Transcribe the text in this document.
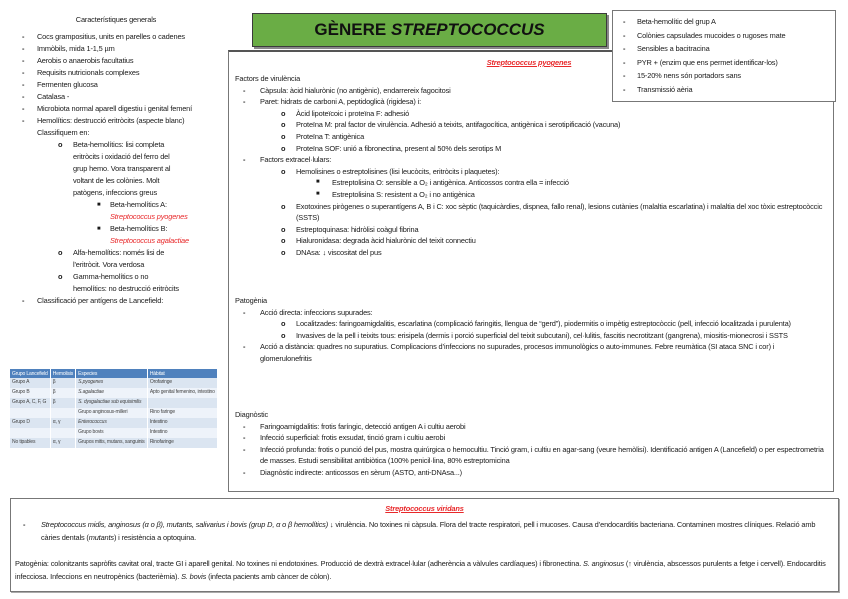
Característiques generals
- Cocs grampositius, units en parelles o cadenes
- Immòbils, mida 1-1,5 µm
- Aerobis o anaerobis facultatius
- Requisits nutricionals complexes
- Fermenten glucosa
- Catalasa -
- Microbiota normal aparell digestiu i genital femení
- Hemolítics: destrucció eritròcits (aspecte blanc) Classifiquem en:
o Beta-hemolítics: lisi completa eritròcits i oxidació del ferro del grup hemo. Vora transparent al voltant de les colònies. Molt patògens, infeccions greus
■ Beta-hemolítics A:
Streptococcus pyogenes
■ Beta-hemolítics B:
Streptococcus agalactiae
o Alfa-hemolítics: només lisi de l'eritròcit. Vora verdosa
o Gamma-hemolítics o no hemolítics: no destrucció eritròcits
- Classificació per antígens de Lancefield:
Grupo Lancefield	Hemolisis	Especies	Hàbitat
Grupo A	β	S.pyogenes	Orofaringe
Grupo B	β	S.agalactiae	Apto genital femenino, intestino
Grupo A, C, F, G	β	S. dysgalactiae sub equisimilis	
		Grupo anginosus-milleri	Rino faringe
Grupo D	α, γ	Enterococcus	Intestino
		Grupo bovis	Intestino
No tipables	α, γ	Grupos mitis, mutans, sanguinis	Rinofaringe
GÈNERE STREPTOCOCCUS
Streptococcus pyogenes
Factors de virulència
- Càpsula: àcid hialurònic (no antigènic), endarrereix fagocitosi
- Paret: hidrats de carboni A, peptidoglicà (rigidesa) i:
o Àcid lipoteïcoic i proteïna F: adhesió
o Proteïna M: pral factor de virulència. Adhesió a teixits, antifagocítica, antigènica i serotipificació (vacuna)
o Proteïna T: antigènica
o Proteïna SOF: unió a fibronectina, present al 50% dels serotips M
- Factors extracel·lulars:
o Hemolisines o estreptolisines (lisi leucòcits, eritròcits i plaquetes):
■ Estreptolisina O: sensible a O₂ i antigènica. Anticossos contra ella = infecció
■ Estreptolisina S: resistent a O₂ i no antigènica
o Exotoxines pirògenes o superantígens A, B i C: xoc sèptic (taquicàrdies, dispnea, fallo renal), lesions cutànies (malaltia escarlatina) i malaltia del xoc tòxic estreptocòccic (SSTS)
o Estreptoquinasa: hidròlisi coàgul fibrina
o Hialuronidasa: degrada àcid hialurònic del teixit connectiu
o DNAsa: ↓ viscositat del pus
Patogènia
- Acció directa: infeccions supurades:
o Localitzades: faringoamigdalitis, escarlatina (complicació faringitis, llengua de “gerd”), piodermitis o impètig estreptocòccic (pell, infecció localitzada i purulenta)
o Invasives de la pell i teixits tous: erisipela (dermis i porció superficial del teixit subcutani), cel·lulitis, fascitis necrotitzant (gangrena), miositis-mionecrosi i SSTS
- Acció a distància: quadres no supuratius. Complicacions d’infeccions no supurades, procesos immunològics o auto-immunes. Febre reumàtica (SI ataca SNC i cor) i glomerulonefritis
Diagnòstic
- Faringoamigdalitis: frotis faríngic, detecció antigen A i cultiu aerobi
- Infecció superficial: frotis exsudat, tinció gram i cultiu aerobi
- Infecció profunda: frotis o punció del pus, mostra quirúrgica o hemocultiu. Tinció gram, i cultiu en agar-sang (veure hemòlisi). Identificació antigen A (Lancefield) o per espectrometria de masses. Estudi sensibilitat antibiòtica (100% penicil·lina, 80% estreptomicina
- Diagnòstic indirecte: anticossos en sèrum (ASTO, anti-DNAsa...)
- Beta-hemolític del grup A
- Colònies capsulades mucoides o rugoses mate
- Sensibles a bacitracina
- PYR + (enzim que ens permet identificar-los)
- 15-20% nens són portadors sans
- Transmissió aèria
Streptococcus viridans
- Streptococcus midis, anginosus (α o β), mutants, salivarius i bovis (grup D, α o β hemolítics) ↓ virulència. No toxines ni càpsula. Flora del tracte respiratori, pell i mucoses. Causa d’endocarditis bacteriana. Contaminen mostres clíniques. Relació amb càries dentals (mutants) i resistència a optoquina.
Patogènia: colonitzants sapròfits cavitat oral, tracte GI i aparell genital. No toxines ni endotoxines. Producció de dextrà extracel·lular (adherència a vàlvules cardíaques) i fibronectina. S. anginosus (↑ virulència, abscessos purulents a fetge i cervell). Endocarditis infecciosa. Infeccions en neutropènics (bacterièmia). S. bovis (infecta pacients amb càncer de còlon).
